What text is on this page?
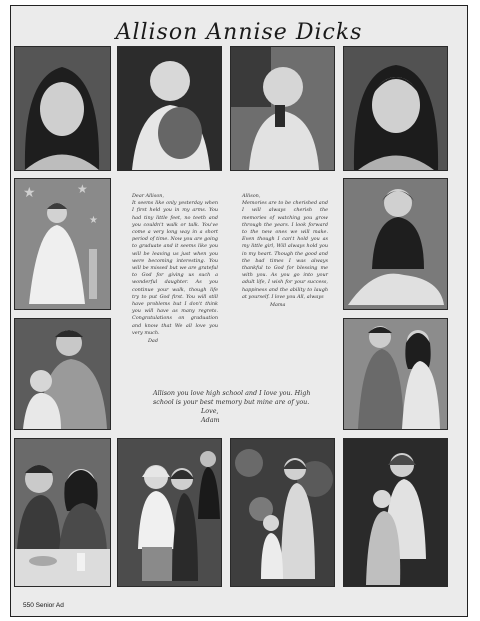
Allison Annise Dicks
★	★
★

Dear Allison,

It seems like only yesterday when I first held you in my arms. You had tiny little feet, no teeth and you couldn't walk or talk. You've come a very long way in a short period of time. Now you are going to graduate and it seems like you will be leaving us just when you were becoming interesting. You will be missed but we are grateful to God for giving us such a wonderful daughter. As you continue your walk, though life try to put God first. You will still have problems but I don't think you will have as many regrets. Congratulations on graduation and know that We all love you very much.

Dad

Allison,

Memories are to be cherished and I will always cherish the memories of watching you grow through the years. I look forward to the new ones we will make. Even though I can't hold you as my little girl, Will always hold you in my heart. Though the good and the bad times I was always thankful to God for blessing me with you. As you go into your adult life, I wish for your success, happiness and the ability to laugh at yourself. I love you All, always

Mama

Allison you love high school and I love you. High school is your best memory but mine are of you.
Love,
Adam
550 Senior Ad
